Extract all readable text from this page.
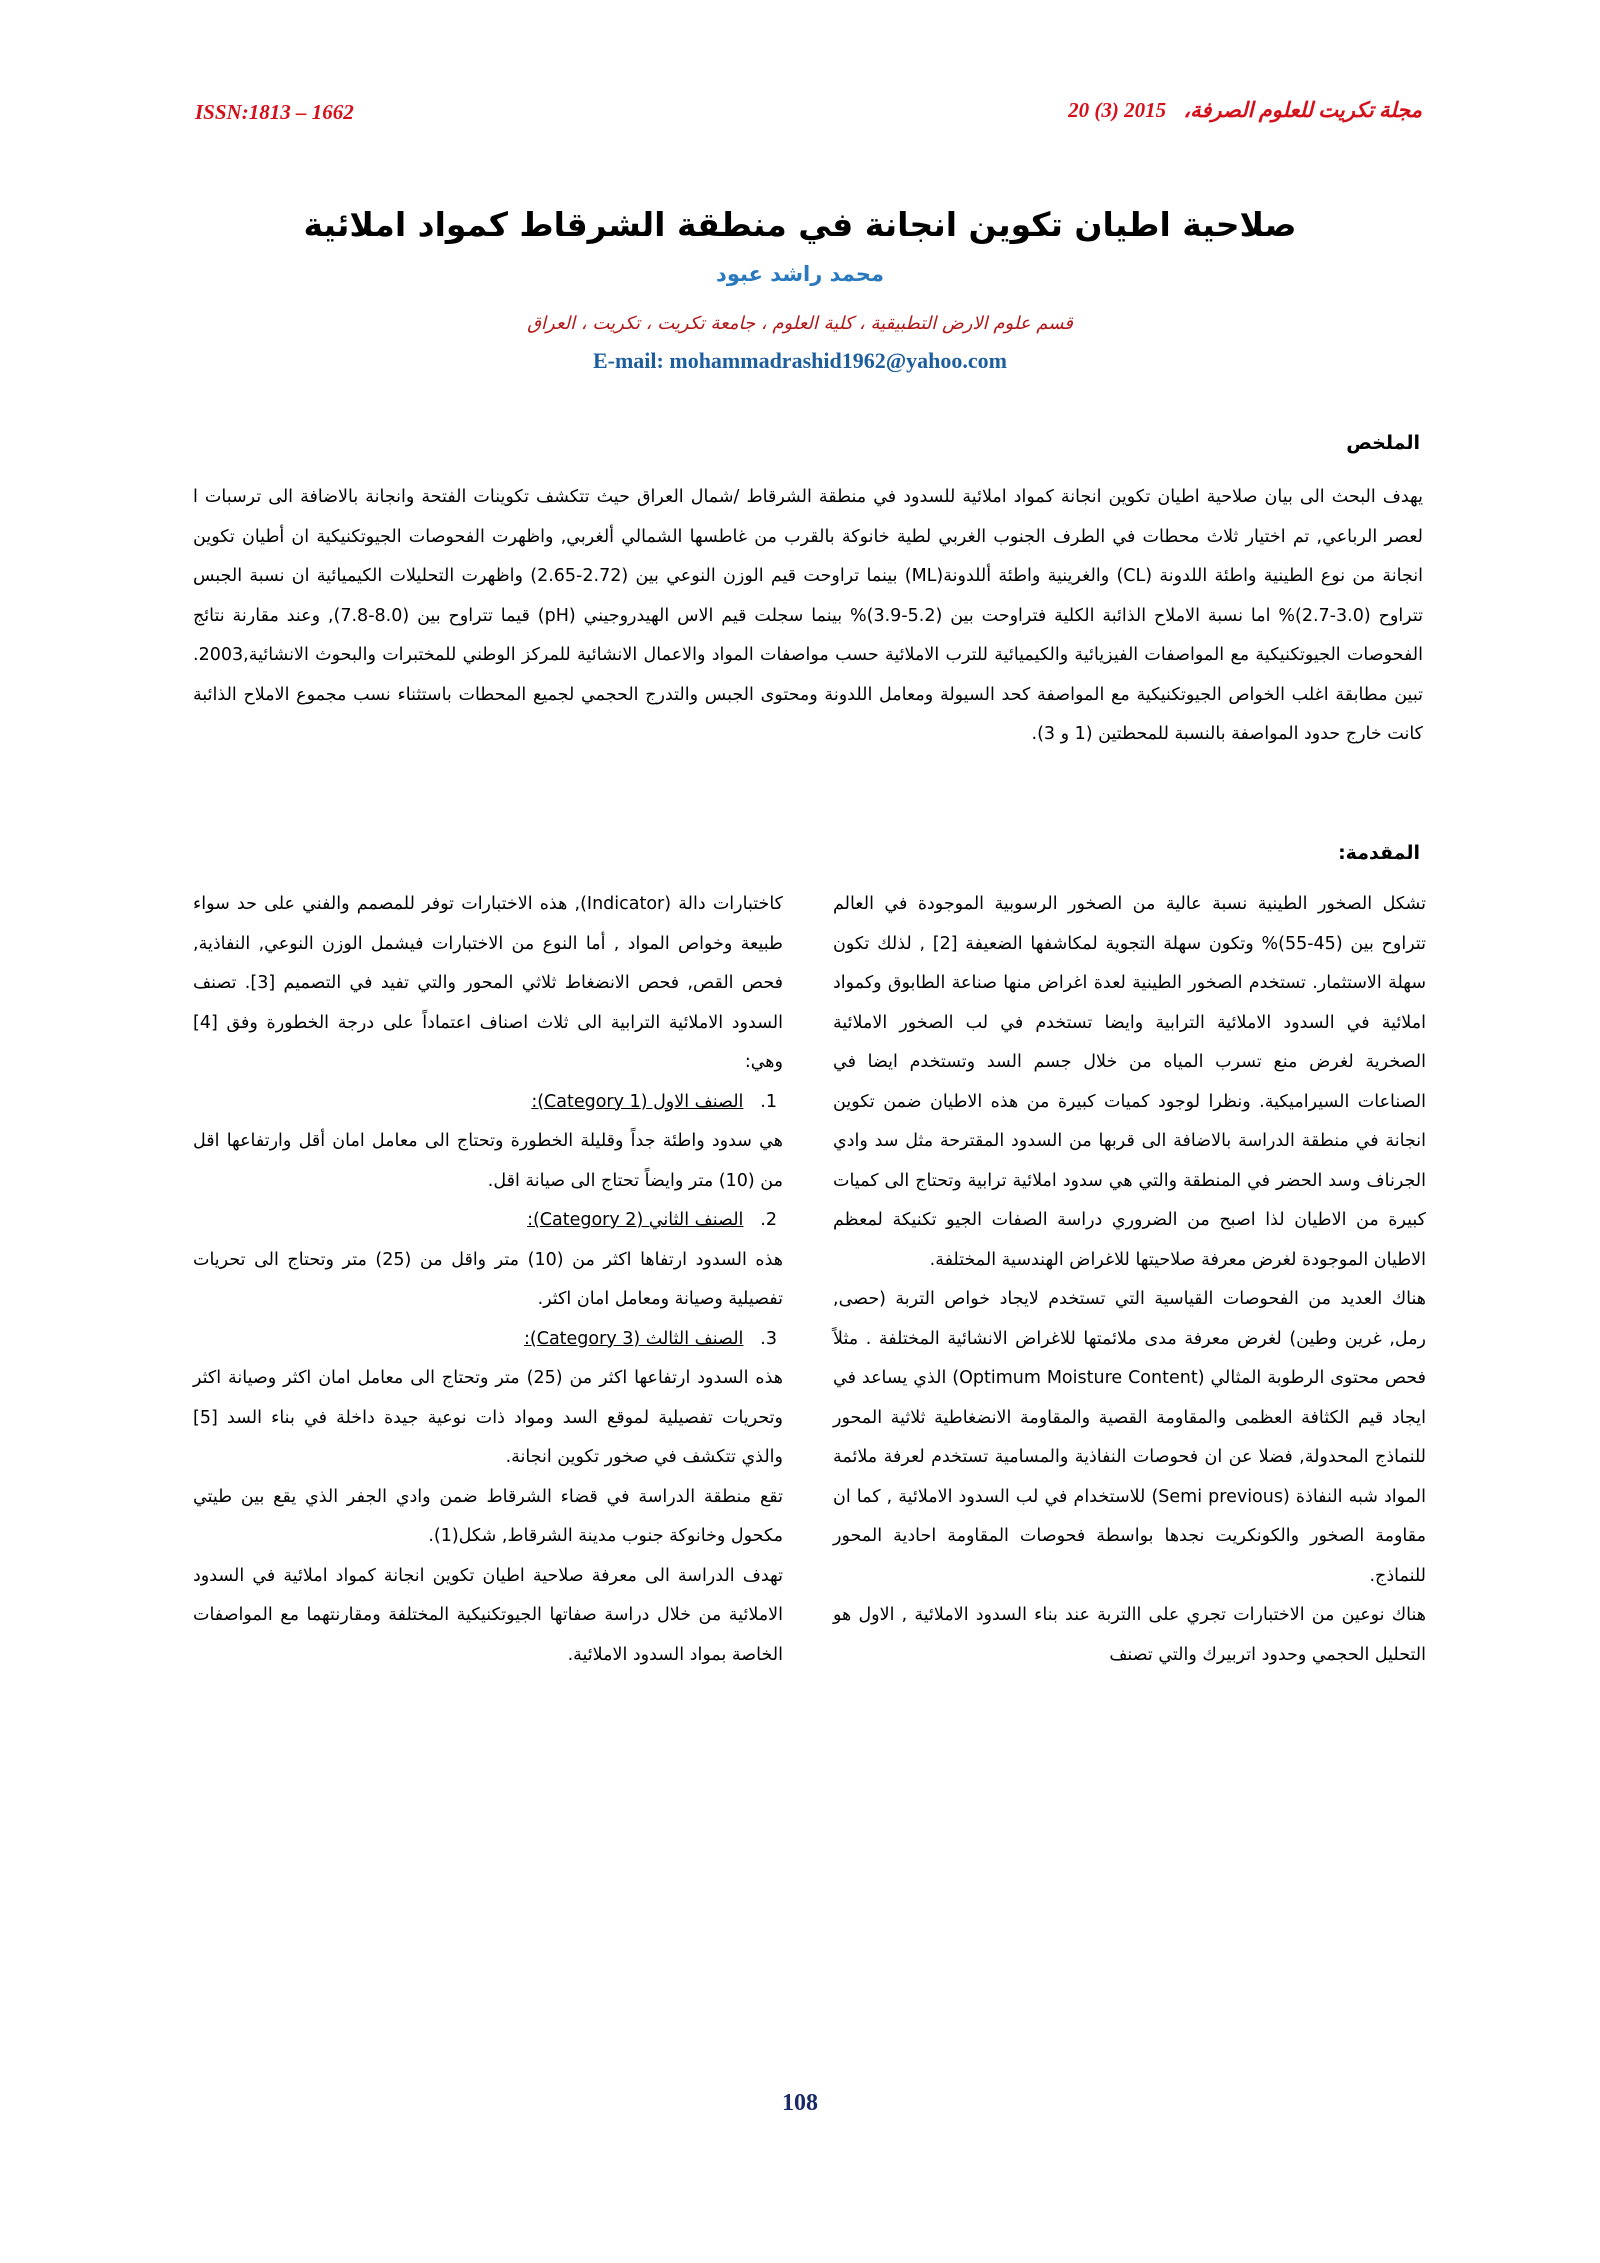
ISSN:1813 – 1662	مجلة تكريت للعلوم الصرفة، 20 (3) 2015
صلاحية اطيان تكوين انجانة في منطقة الشرقاط كمواد املائية
محمد راشد عبود
قسم علوم الارض التطبيقية ، كلية العلوم ، جامعة تكريت ، تكريت ، العراق
E-mail: mohammadrashid1962@yahoo.com
الملخص

يهدف البحث الى بيان صلاحية اطيان تكوين انجانة كمواد املائية للسدود في منطقة الشرقاط /شمال العراق حيث تتكشف تكوينات الفتحة وانجانة بالاضافة الى ترسبات ا لعصر الرباعي, تم اختيار ثلاث محطات في الطرف الجنوب الغربي لطية خانوكة بالقرب من غاطسها الشمالي ألغربي, واظهرت الفحوصات الجيوتكنيكية ان أطيان تكوين انجانة من نوع الطينية واطئة اللدونة (CL) والغرينية واطئة أللدونة(ML) بينما تراوحت قيم الوزن النوعي بين (2.72-2.65) واظهرت التحليلات الكيميائية ان نسبة الجبس تتراوح (3.0-2.7)% اما نسبة الاملاح الذائبة الكلية فتراوحت بين (5.2-3.9)% بينما سجلت قيم الاس الهيدروجيني (pH) قيما تتراوح بين (8.0-7.8), وعند مقارنة نتائج الفحوصات الجيوتكنيكية مع المواصفات الفيزيائية والكيميائية للترب الاملائية حسب مواصفات المواد والاعمال الانشائية للمركز الوطني للمختبرات والبحوث الانشائية,2003. تبين مطابقة اغلب الخواص الجيوتكنيكية مع المواصفة كحد السيولة ومعامل اللدونة ومحتوى الجبس والتدرج الحجمي لجميع المحطات باستثناء نسب مجموع الاملاح الذائبة كانت خارج حدود المواصفة بالنسبة للمحطتين (1 و 3).

المقدمة:

تشكل الصخور الطينية نسبة عالية من الصخور الرسوبية الموجودة في العالم تتراوح بين (45-55)% وتكون سهلة التجوية لمكاشفها الضعيفة [2] , لذلك تكون سهلة الاستثمار. تستخدم الصخور الطينية لعدة اغراض منها صناعة الطابوق وكمواد املائية في السدود الاملائية الترابية وايضا تستخدم في لب الصخور الاملائية الصخرية لغرض منع تسرب المياه من خلال جسم السد وتستخدم ايضا في الصناعات السيراميكية. ونظرا لوجود كميات كبيرة من هذه الاطيان ضمن تكوين انجانة في منطقة الدراسة بالاضافة الى قربها من السدود المقترحة مثل سد وادي الجرناف وسد الحضر في المنطقة والتي هي سدود املائية ترابية وتحتاج الى كميات كبيرة من الاطيان لذا اصبح من الضروري دراسة الصفات الجيو تكنيكة لمعظم الاطيان الموجودة لغرض معرفة صلاحيتها للاغراض الهندسية المختلفة.

هناك العديد من الفحوصات القياسية التي تستخدم لايجاد خواص التربة (حصى, رمل, غرين وطين) لغرض معرفة مدى ملائمتها للاغراض الانشائية المختلفة . مثلاً فحص محتوى الرطوبة المثالي (Optimum Moisture Content) الذي يساعد في ايجاد قيم الكثافة العظمى والمقاومة القصية والمقاومة الانضغاطية ثلاثية المحور للنماذج المحدولة, فضلا عن ان فحوصات النفاذية والمسامية تستخدم لعرفة ملائمة المواد شبه النفاذة (Semi previous) للاستخدام في لب السدود الاملائية , كما ان مقاومة الصخور والكونكريت نجدها بواسطة فحوصات المقاومة احادية المحور للنماذج.

هناك نوعين من الاختبارات تجري على االتربة عند بناء السدود الاملائية , الاول هو التحليل الحجمي وحدود اتربيرك والتي تصنف

كاختبارات دالة (Indicator), هذه الاختبارات توفر للمصمم والفني على حد سواء طبيعة وخواص المواد , أما النوع من الاختبارات فيشمل الوزن النوعي, النفاذية, فحص القص, فحص الانضغاط ثلاثي المحور والتي تفيد في التصميم [3]. تصنف السدود الاملائية الترابية الى ثلاث اصناف اعتماداً على درجة الخطورة وفق [4] وهي:

1. الصنف الاول (Category 1):

هي سدود واطئة جداً وقليلة الخطورة وتحتاج الى معامل امان أقل وارتفاعها اقل من (10) متر وايضاً تحتاج الى صيانة اقل.

2. الصنف الثاني (Category 2):

هذه السدود ارتفاها اكثر من (10) متر واقل من (25) متر وتحتاج الى تحريات تفصيلية وصيانة ومعامل امان اكثر.

3. الصنف الثالث (Category 3):

هذه السدود ارتفاعها اكثر من (25) متر وتحتاج الى معامل امان اكثر وصيانة اكثر وتحريات تفصيلية لموقع السد ومواد ذات نوعية جيدة داخلة في بناء السد [5] والذي تتكشف في صخور تكوين انجانة.

تقع منطقة الدراسة في قضاء الشرقاط ضمن وادي الجفر الذي يقع بين طيتي مكحول وخانوكة جنوب مدينة الشرقاط, شكل(1).

تهدف الدراسة الى معرفة صلاحية اطيان تكوين انجانة كمواد املائية في السدود الاملائية من خلال دراسة صفاتها الجيوتكنيكية المختلفة ومقارنتهما مع المواصفات الخاصة بمواد السدود الاملائية.

108
